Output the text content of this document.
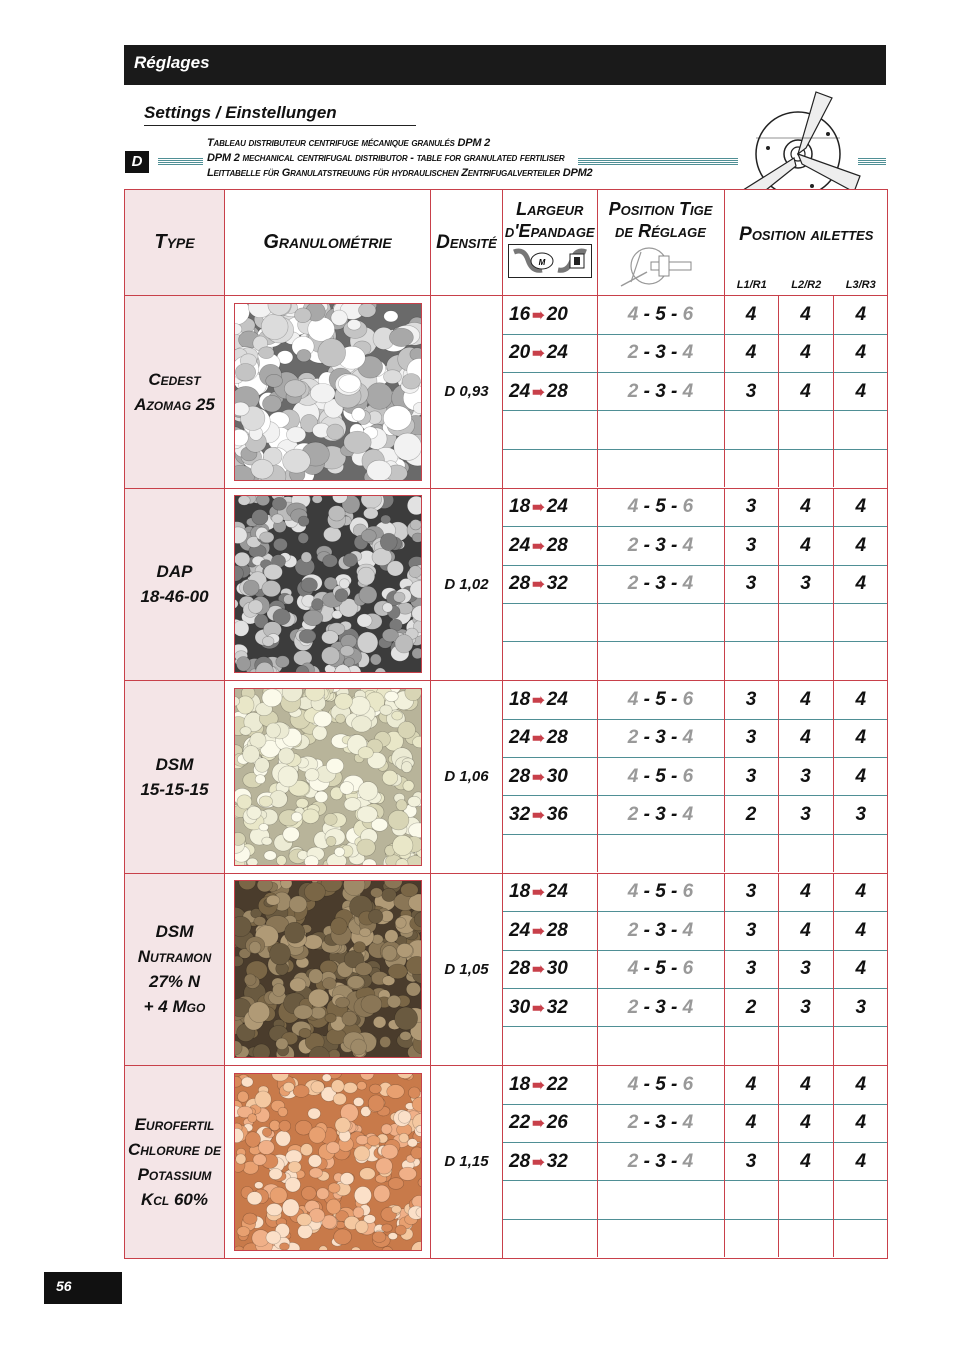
Réglages
Settings / Einstellungen
D
Tableau distributeur centrifuge mécanique granulés DPM 2
DPM 2 mechanical centrifugal distributor - table for granulated fertiliser
Leittabelle für Granulatstreuung für hydraulischen Zentrifugalverteiler DPM2
Type	Granulométrie	Densité	
Largeur
d'Epandage
m

Position Tige
de Réglage	Position ailettes
L1/R1	L2/R2	L3/R3

Cedest
Azomag 25

	D 0,93	
16 ➠ 20	4 - 5 - 6	4	4	4
20 ➠ 24	2 - 3 - 4	4	4	4
24 ➠ 28	2 - 3 - 4	3	4	4

DAP
18-46-00

	D 1,02	
18 ➠ 24	4 - 5 - 6	3	4	4
24 ➠ 28	2 - 3 - 4	3	4	4
28 ➠ 32	2 - 3 - 4	3	3	4

DSM
15-15-15

	D 1,06	
18 ➠ 24	4 - 5 - 6	3	4	4
24 ➠ 28	2 - 3 - 4	3	4	4
28 ➠ 30	4 - 5 - 6	3	3	4
32 ➠ 36	2 - 3 - 4	2	3	3

DSM
Nutramon
27% N
+ 4 Mgo

	D 1,05	
18 ➠ 24	4 - 5 - 6	3	4	4
24 ➠ 28	2 - 3 - 4	3	4	4
28 ➠ 30	4 - 5 - 6	3	3	4
30 ➠ 32	2 - 3 - 4	2	3	3

Eurofertil
Chlorure de
Potassium
Kcl 60%

	D 1,15	
18 ➠ 22	4 - 5 - 6	4	4	4
22 ➠ 26	2 - 3 - 4	4	4	4
28 ➠ 32	2 - 3 - 4	3	4	4

56
